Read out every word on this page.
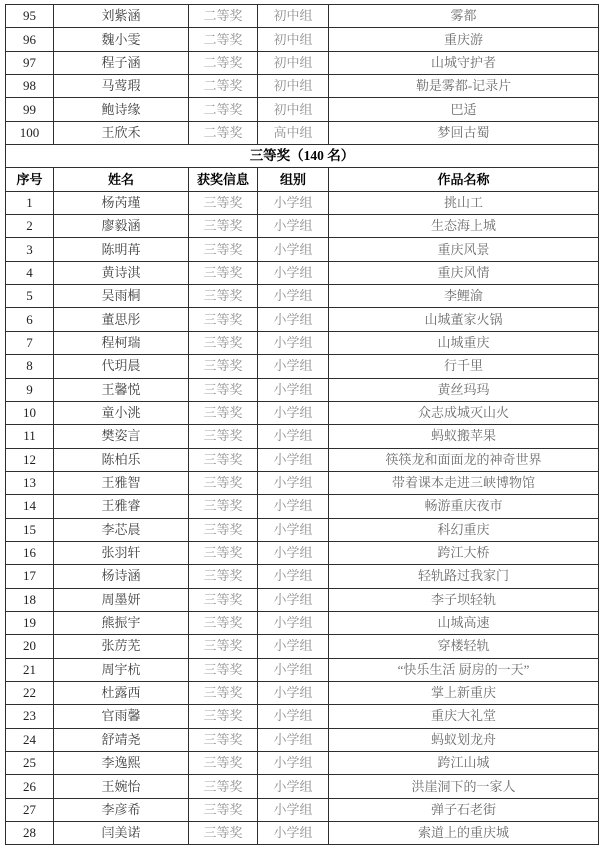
95	刘紫涵	二等奖	初中组	雾都
96	魏小雯	二等奖	初中组	重庆游
97	程子涵	二等奖	初中组	山城守护者
98	马莺瑕	二等奖	初中组	勒是雾都-记录片
99	鲍诗缘	二等奖	初中组	巴适
100	王欣禾	二等奖	高中组	梦回古蜀
三等奖（140 名）				
序号	姓名	获奖信息	组别	作品名称
1	杨芮瑾	三等奖	小学组	挑山工
2	廖毅涵	三等奖	小学组	生态海上城
3	陈明苒	三等奖	小学组	重庆风景
4	黄诗淇	三等奖	小学组	重庆风情
5	吴雨桐	三等奖	小学组	李鲤渝
6	董思彤	三等奖	小学组	山城董家火锅
7	程柯瑞	三等奖	小学组	山城重庆
8	代玥晨	三等奖	小学组	行千里
9	王馨悦	三等奖	小学组	黄丝玛玛
10	童小洮	三等奖	小学组	众志成城灭山火
11	樊姿言	三等奖	小学组	蚂蚁搬苹果
12	陈柏乐	三等奖	小学组	筷筷龙和面面龙的神奇世界
13	王雅智	三等奖	小学组	带着课本走进三峡博物馆
14	王雅睿	三等奖	小学组	畅游重庆夜市
15	李芯晨	三等奖	小学组	科幻重庆
16	张羽轩	三等奖	小学组	跨江大桥
17	杨诗涵	三等奖	小学组	轻轨路过我家门
18	周墨妍	三等奖	小学组	李子坝轻轨
19	熊振宇	三等奖	小学组	山城高速
20	张苈芜	三等奖	小学组	穿楼轻轨
21	周宇杭	三等奖	小学组	“快乐生活 厨房的一天”
22	杜露西	三等奖	小学组	掌上新重庆
23	官雨馨	三等奖	小学组	重庆大礼堂
24	舒靖尧	三等奖	小学组	蚂蚁划龙舟
25	李逸熙	三等奖	小学组	跨江山城
26	王婉怡	三等奖	小学组	洪崖洞下的一家人
27	李彦希	三等奖	小学组	弹子石老街
28	闫美诺	三等奖	小学组	索道上的重庆城
